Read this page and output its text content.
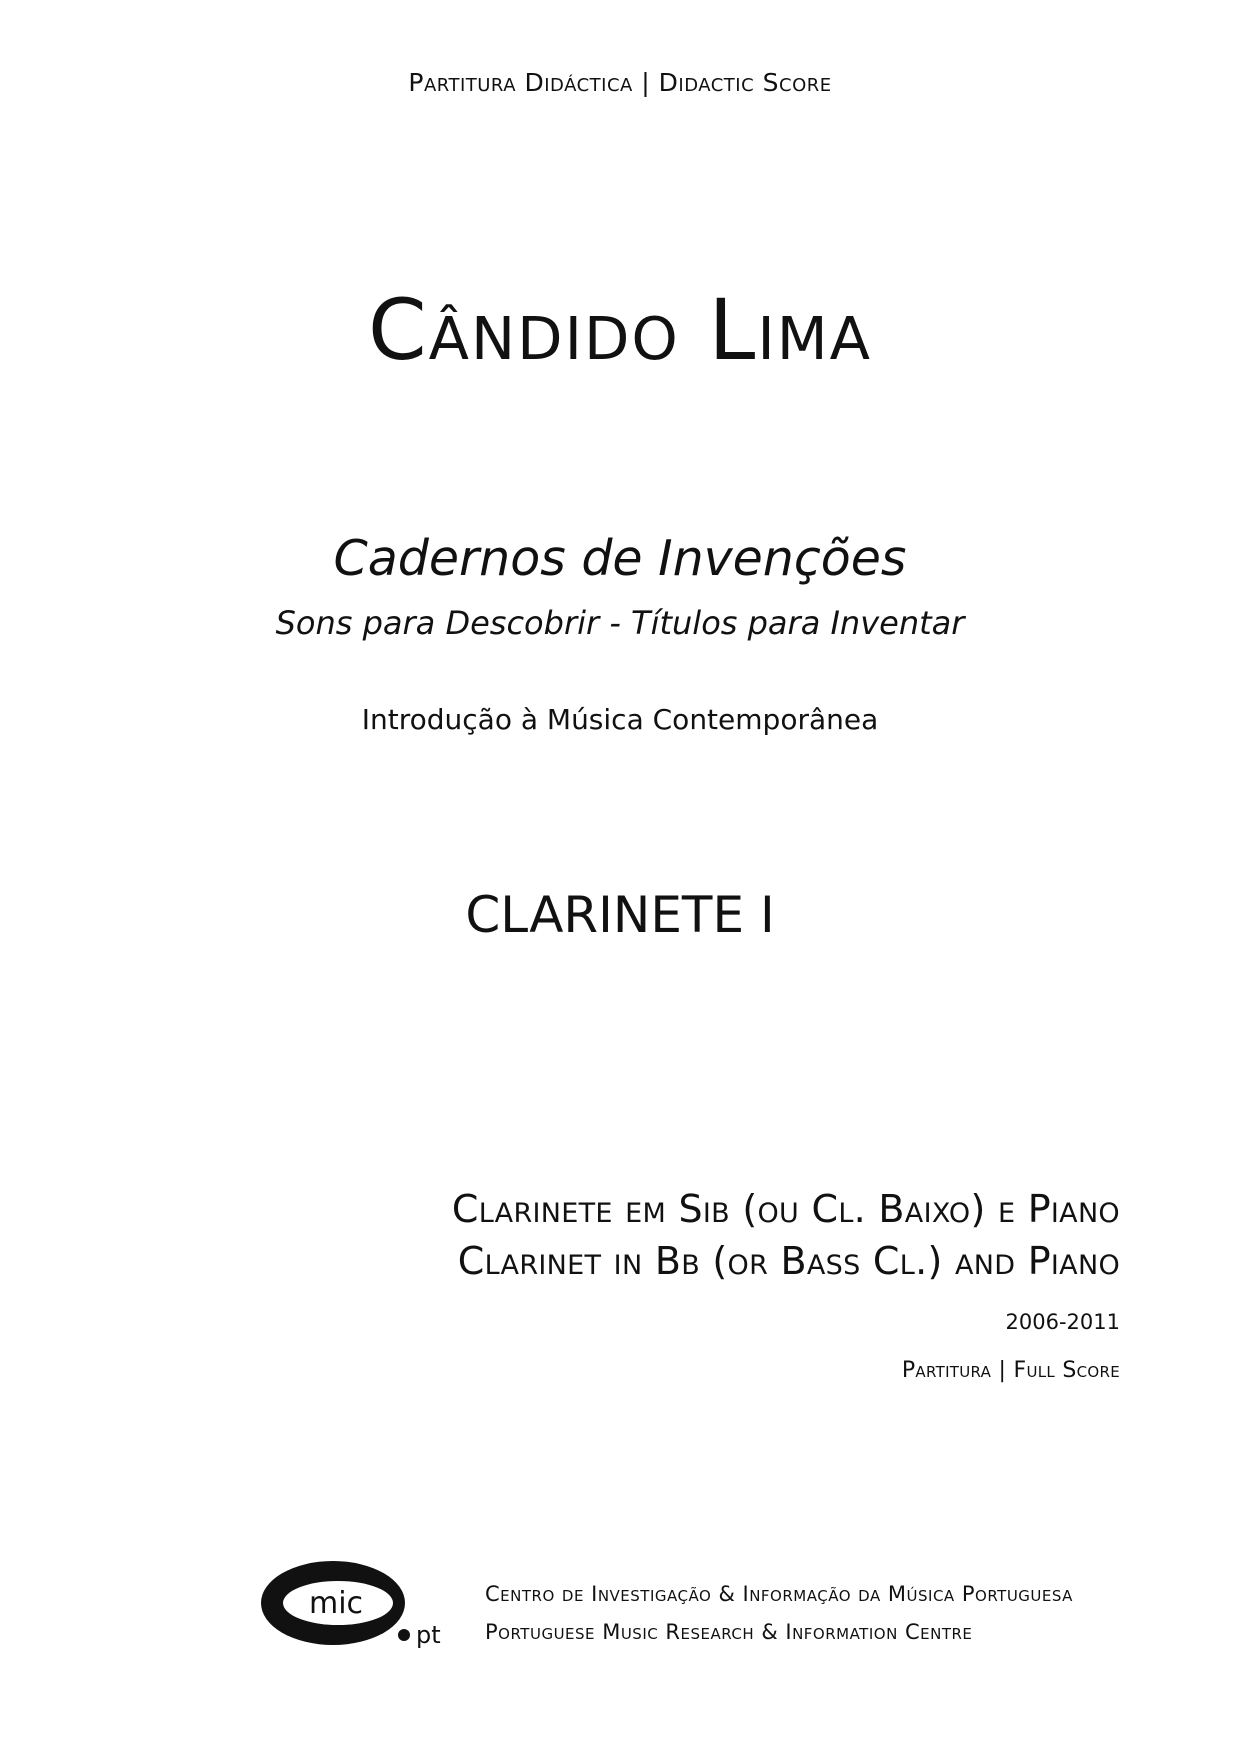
Partitura Didáctica | Didactic Score
Cândido Lima
Cadernos de Invenções
Sons para Descobrir - Títulos para Inventar
Introdução à Música Contemporânea
CLARINETE I
Clarinete em Sib (ou Cl. Baixo) e Piano
Clarinet in Bb (or Bass Cl.) and Piano
2006-2011
Partitura | Full Score
mic
pt
Centro de Investigação & Informação da Música Portuguesa
Portuguese Music Research & Information Centre
